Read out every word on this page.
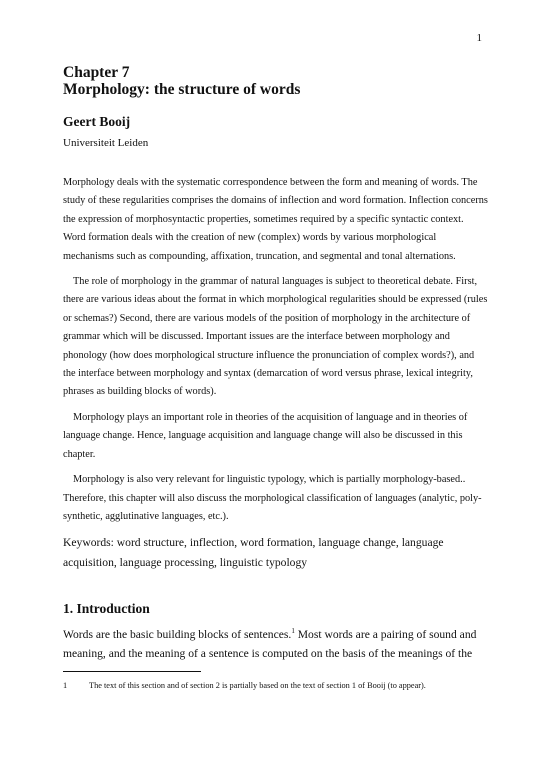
1
Chapter 7
Morphology: the structure of words
Geert Booij
Universiteit Leiden

Morphology deals with the systematic correspondence between the form and meaning of words. The study of these regularities comprises the domains of inflection and word formation. Inflection concerns the expression of morphosyntactic properties, sometimes required by a specific syntactic context. Word formation deals with the creation of new (complex) words by various morphological mechanisms such as compounding, affixation, truncation, and segmental and tonal alternations.

The role of morphology in the grammar of natural languages is subject to theoretical debate. First, there are various ideas about the format in which morphological regularities should be expressed (rules or schemas?) Second, there are various models of the position of morphology in the architecture of grammar which will be discussed. Important issues are the interface between morphology and phonology (how does morphological structure influence the pronunciation of complex words?), and the interface between morphology and syntax (demarcation of word versus phrase, lexical integrity, phrases as building blocks of words).

Morphology plays an important role in theories of the acquisition of language and in theories of language change. Hence, language acquisition and language change will also be discussed in this chapter.

Morphology is also very relevant for linguistic typology, which is partially morphology-based.. Therefore, this chapter will also discuss the morphological classification of languages (analytic, poly-synthetic, agglutinative languages, etc.).

Keywords: word structure, inflection, word formation, language change, language acquisition, language processing, linguistic typology
1. Introduction
Words are the basic building blocks of sentences.$^1$ Most words are a pairing of sound and meaning, and the meaning of a sentence is computed on the basis of the meanings of the
1	The text of this section and of section 2 is partially based on the text of section 1 of Booij (to appear).
